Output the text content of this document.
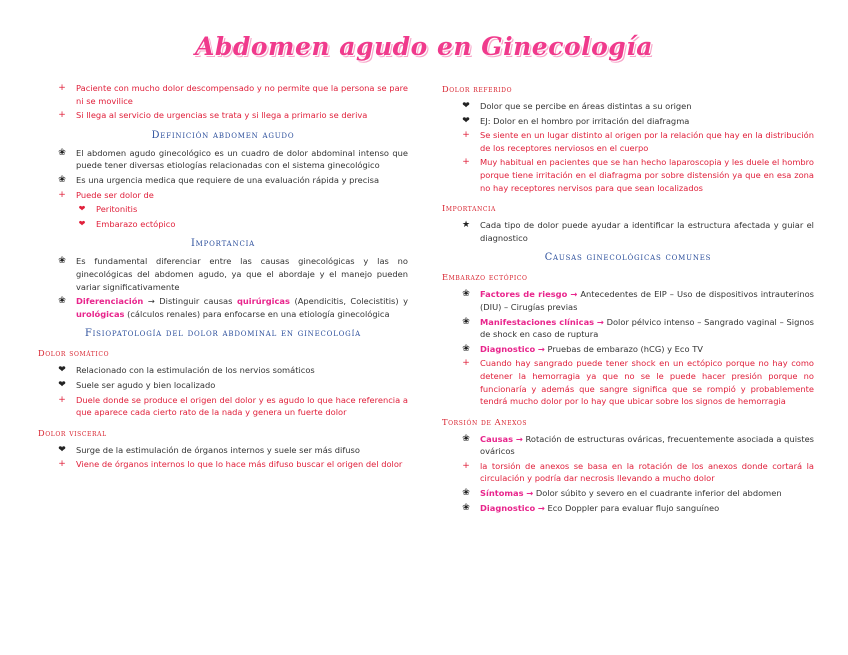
Abdomen agudo en Ginecología
+ Paciente con mucho dolor descompensado y no permite que la persona se pare ni se movilice
+ Si llega al servicio de urgencias se trata y si llega a primario se deriva
Definición abdomen agudo
❀ El abdomen agudo ginecológico es un cuadro de dolor abdominal intenso que puede tener diversas etiologías relacionadas con el sistema ginecológico
❀ Es una urgencia medica que requiere de una evaluación rápida y precisa
+ Puede ser dolor de
❤	Peritonitis
❤	Embarazo ectópico
Importancia
❀ Es fundamental diferenciar entre las causas ginecológicas y las no ginecológicas del abdomen agudo, ya que el abordaje y el manejo pueden variar significativamente
❀ Diferenciación → Distinguir causas quirúrgicas (Apendicitis, Colecistitis) y urológicas (cálculos renales) para enfocarse en una etiología ginecológica
Fisiopatología del dolor abdominal en ginecología
Dolor somático
❤ Relacionado con la estimulación de los nervios somáticos
❤ Suele ser agudo y bien localizado
+ Duele donde se produce el origen del dolor y es agudo lo que hace referencia a que aparece cada cierto rato de la nada y genera un fuerte dolor
Dolor visceral
❤ Surge de la estimulación de órganos internos y suele ser más difuso
+ Viene de órganos internos lo que lo hace más difuso buscar el origen del dolor
Dolor referido
❤ Dolor que se percibe en áreas distintas a su origen
❤ EJ: Dolor en el hombro por irritación del diafragma
+ Se siente en un lugar distinto al origen por la relación que hay en la distribución de los receptores nerviosos en el cuerpo
+ Muy habitual en pacientes que se han hecho laparoscopia y les duele el hombro porque tiene irritación en el diafragma por sobre distensión ya que en esa zona no hay receptores nervisos para que sean localizados
Importancia
★ Cada tipo de dolor puede ayudar a identificar la estructura afectada y guiar el diagnostico
Causas ginecológicas comunes
Embarazo ectópico
❀ Factores de riesgo → Antecedentes de EIP – Uso de dispositivos intrauterinos (DIU) – Cirugías previas
❀ Manifestaciones clínicas → Dolor pélvico intenso – Sangrado vaginal – Signos de shock en caso de ruptura
❀ Diagnostico → Pruebas de embarazo (hCG) y Eco TV
+ Cuando hay sangrado puede tener shock en un ectópico porque no hay como detener la hemorragia ya que no se le puede hacer presión porque no funcionaría y además que sangre significa que se rompió y probablemente tendrá mucho dolor por lo hay que ubicar sobre los signos de hemorragia
Torsión de Anexos
❀ Causas → Rotación de estructuras ováricas, frecuentemente asociada a quistes ováricos
+ la torsión de anexos se basa en la rotación de los anexos donde cortará la circulación y podría dar necrosis llevando a mucho dolor
❀ Síntomas → Dolor súbito y severo en el cuadrante inferior del abdomen
❀ Diagnostico → Eco Doppler para evaluar flujo sanguíneo
